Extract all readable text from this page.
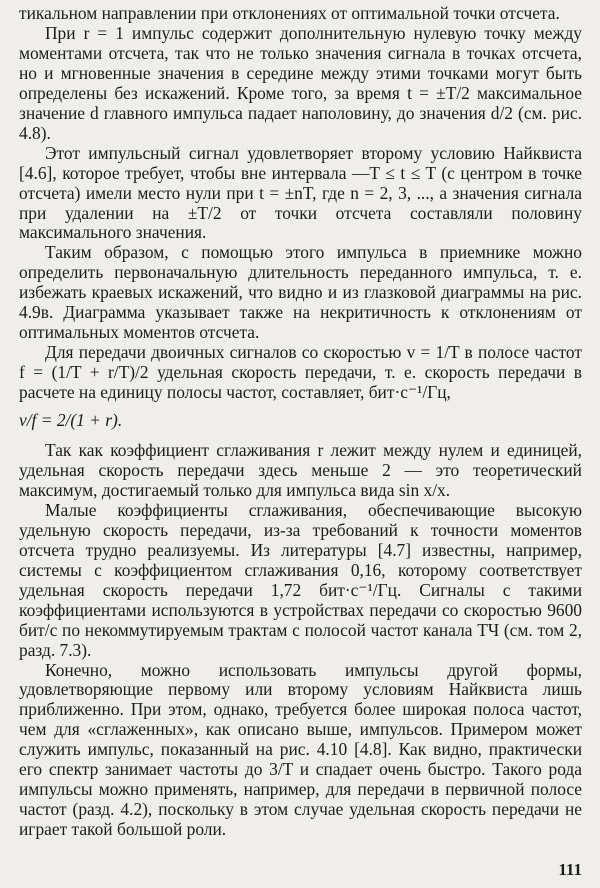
тикальном направлении при отклонениях от оптимальной точки отсчета.

При r = 1 импульс содержит дополнительную нулевую точку между моментами отсчета, так что не только значения сигнала в точках отсчета, но и мгновенные значения в середине между этими точками могут быть определены без искажений. Кроме того, за время t = ±T/2 максимальное значение d главного импульса падает наполовину, до значения d/2 (см. рис. 4.8).

Этот импульсный сигнал удовлетворяет второму условию Найквиста [4.6], которое требует, чтобы вне интервала —T ≤ t ≤ T (с центром в точке отсчета) имели место нули при t = ±nT, где n = 2, 3, ..., а значения сигнала при удалении на ±T/2 от точки отсчета составляли половину максимального значения.

Таким образом, с помощью этого импульса в приемнике можно определить первоначальную длительность переданного импульса, т. е. избежать краевых искажений, что видно и из глазковой диаграммы на рис. 4.9в. Диаграмма указывает также на некритичность к отклонениям от оптимальных моментов отсчета.

Для передачи двоичных сигналов со скоростью v = 1/T в полосе частот f = (1/T + r/T)/2 удельная скорость передачи, т. е. скорость передачи в расчете на единицу полосы частот, составляет, бит·с⁻¹/Гц,

v/f = 2/(1 + r).

Так как коэффициент сглаживания r лежит между нулем и единицей, удельная скорость передачи здесь меньше 2 — это теоретический максимум, достигаемый только для импульса вида sin x/x.

Малые коэффициенты сглаживания, обеспечивающие высокую удельную скорость передачи, из-за требований к точности моментов отсчета трудно реализуемы. Из литературы [4.7] известны, например, системы с коэффициентом сглаживания 0,16, которому соответствует удельная скорость передачи 1,72 бит·с⁻¹/Гц. Сигналы с такими коэффициентами используются в устройствах передачи со скоростью 9600 бит/с по некоммутируемым трактам с полосой частот канала ТЧ (см. том 2, разд. 7.3).

Конечно, можно использовать импульсы другой формы, удовлетворяющие первому или второму условиям Найквиста лишь приближенно. При этом, однако, требуется более широкая полоса частот, чем для «сглаженных», как описано выше, импульсов. Примером может служить импульс, показанный на рис. 4.10 [4.8]. Как видно, практически его спектр занимает частоты до 3/T и спадает очень быстро. Такого рода импульсы можно применять, например, для передачи в первичной полосе частот (разд. 4.2), поскольку в этом случае удельная скорость передачи не играет такой большой роли.

111
